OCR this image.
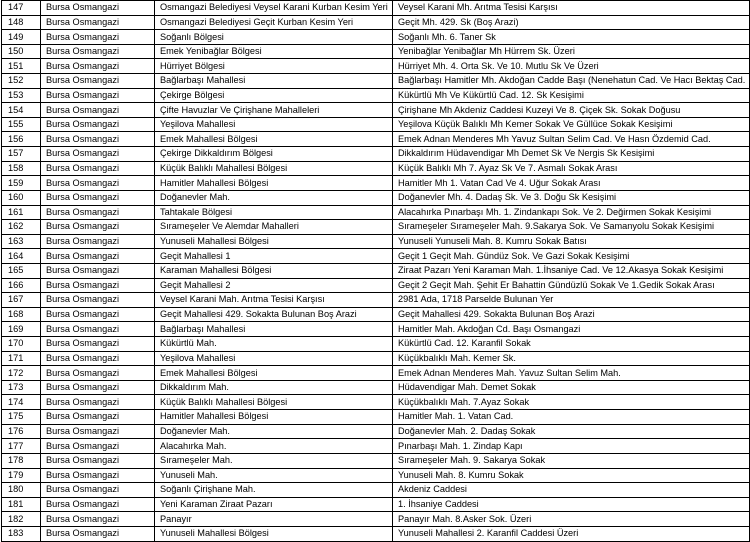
147	Bursa Osmangazi	Osmangazi Belediyesi Veysel Karani Kurban Kesim Yeri	Veysel Karani Mh. Arıtma Tesisi Karşısı
148	Bursa Osmangazi	Osmangazi Belediyesi Geçit Kurban Kesim Yeri	Geçit Mh. 429. Sk (Boş Arazi)
149	Bursa Osmangazi	Soğanlı Bölgesi	Soğanlı Mh. 6. Taner Sk
150	Bursa Osmangazi	Emek Yenibağlar Bölgesi	Yenibağlar Yenibağlar Mh Hürrem Sk. Üzeri
151	Bursa Osmangazi	Hürriyet Bölgesi	Hürriyet Mh. 4. Orta Sk. Ve 10. Mutlu Sk Ve Üzeri
152	Bursa Osmangazi	Bağlarbaşı Mahallesi	Bağlarbaşı Hamitler Mh. Akdoğan Cadde Başı (Nenehatun Cad. Ve Hacı Bektaş Cad.
153	Bursa Osmangazi	Çekirge Bölgesi	Kükürtlü Mh Ve Kükürtlü Cad. 12. Sk Kesişimi
154	Bursa Osmangazi	Çifte Havuzlar Ve Çirişhane Mahalleleri	Çirişhane Mh Akdeniz Caddesi Kuzeyi Ve 8. Çiçek Sk. Sokak Doğusu
155	Bursa Osmangazi	Yeşilova Mahallesi	Yeşilova Küçük Balıklı Mh Kemer Sokak Ve Güllüce Sokak Kesişimi
156	Bursa Osmangazi	Emek Mahallesi Bölgesi	Emek Adnan Menderes Mh Yavuz Sultan Selim Cad. Ve Hasn Özdemid Cad.
157	Bursa Osmangazi	Çekirge Dikkaldırım Bölgesi	Dikkaldırım Hüdavendigar Mh Demet Sk Ve Nergis Sk Kesişimi
158	Bursa Osmangazi	Küçük Balıklı Mahallesi Bölgesi	Küçük Balıklı Mh 7. Ayaz Sk Ve 7. Asmalı Sokak Arası
159	Bursa Osmangazi	Hamitler Mahallesi Bölgesi	Hamitler Mh 1. Vatan Cad Ve 4. Uğur Sokak Arası
160	Bursa Osmangazi	Doğanevler Mah.	Doğanevler Mh. 4. Dadaş Sk. Ve 3. Doğu Sk Kesişimi
161	Bursa Osmangazi	Tahtakale Bölgesi	Alacahırka Pınarbaşı Mh. 1. Zindankapı Sok. Ve 2. Değirmen Sokak Kesişimi
162	Bursa Osmangazi	Sırameşeler Ve Alemdar Mahalleri	Sırameşeler Sırameşeler Mah. 9.Sakarya Sok. Ve Samanyolu Sokak Kesişimi
163	Bursa Osmangazi	Yunuseli Mahallesi Bölgesi	Yunuseli Yunuseli Mah. 8. Kumru Sokak Batısı
164	Bursa Osmangazi	Geçit Mahallesi 1	Geçit 1 Geçit Mah. Gündüz Sok. Ve Gazi Sokak Kesişimi
165	Bursa Osmangazi	Karaman Mahallesi Bölgesi	Ziraat Pazarı Yeni Karaman Mah. 1.İhsaniye Cad. Ve 12.Akasya Sokak Kesişimi
166	Bursa Osmangazi	Geçit Mahallesi 2	Geçit 2 Geçit Mah. Şehit Er Bahattin Gündüzlü Sokak Ve 1.Gedik Sokak Arası
167	Bursa Osmangazi	Veysel Karani Mah. Arıtma Tesisi Karşısı	2981 Ada, 1718 Parselde Bulunan Yer
168	Bursa Osmangazi	Geçit Mahallesi 429. Sokakta Bulunan Boş Arazi	Geçit Mahallesi 429. Sokakta Bulunan Boş Arazi
169	Bursa Osmangazi	Bağlarbaşı Mahallesi	Hamitler Mah. Akdoğan Cd. Başı Osmangazi
170	Bursa Osmangazi	Kükürtlü Mah.	Kükürtlü Cad. 12. Karanfil Sokak
171	Bursa Osmangazi	Yeşilova Mahallesi	Küçükbalıklı Mah. Kemer Sk.
172	Bursa Osmangazi	Emek Mahallesi Bölgesi	Emek Adnan Menderes Mah. Yavuz Sultan Selim Mah.
173	Bursa Osmangazi	Dikkaldırım Mah.	Hüdavendigar Mah. Demet Sokak
174	Bursa Osmangazi	Küçük Balıklı Mahallesi Bölgesi	Küçükbalıklı Mah. 7.Ayaz Sokak
175	Bursa Osmangazi	Hamitler Mahallesi Bölgesi	Hamitler Mah. 1. Vatan Cad.
176	Bursa Osmangazi	Doğanevler Mah.	Doğanevler Mah. 2. Dadaş Sokak
177	Bursa Osmangazi	Alacahırka Mah.	Pınarbaşı Mah. 1. Zindap Kapı
178	Bursa Osmangazi	Sırameşeler Mah.	Sırameşeler Mah. 9. Sakarya Sokak
179	Bursa Osmangazi	Yunuseli Mah.	Yunuseli Mah. 8. Kumru Sokak
180	Bursa Osmangazi	Soğanlı Çirişhane Mah.	Akdeniz Caddesi
181	Bursa Osmangazi	Yeni Karaman Ziraat Pazarı	1. İhsaniye Caddesi
182	Bursa Osmangazi	Panayır	Panayır Mah. 8.Asker Sok. Üzeri
183	Bursa Osmangazi	Yunuseli Mahallesi Bölgesi	Yunuseli Mahallesi 2. Karanfil Caddesi Üzeri
